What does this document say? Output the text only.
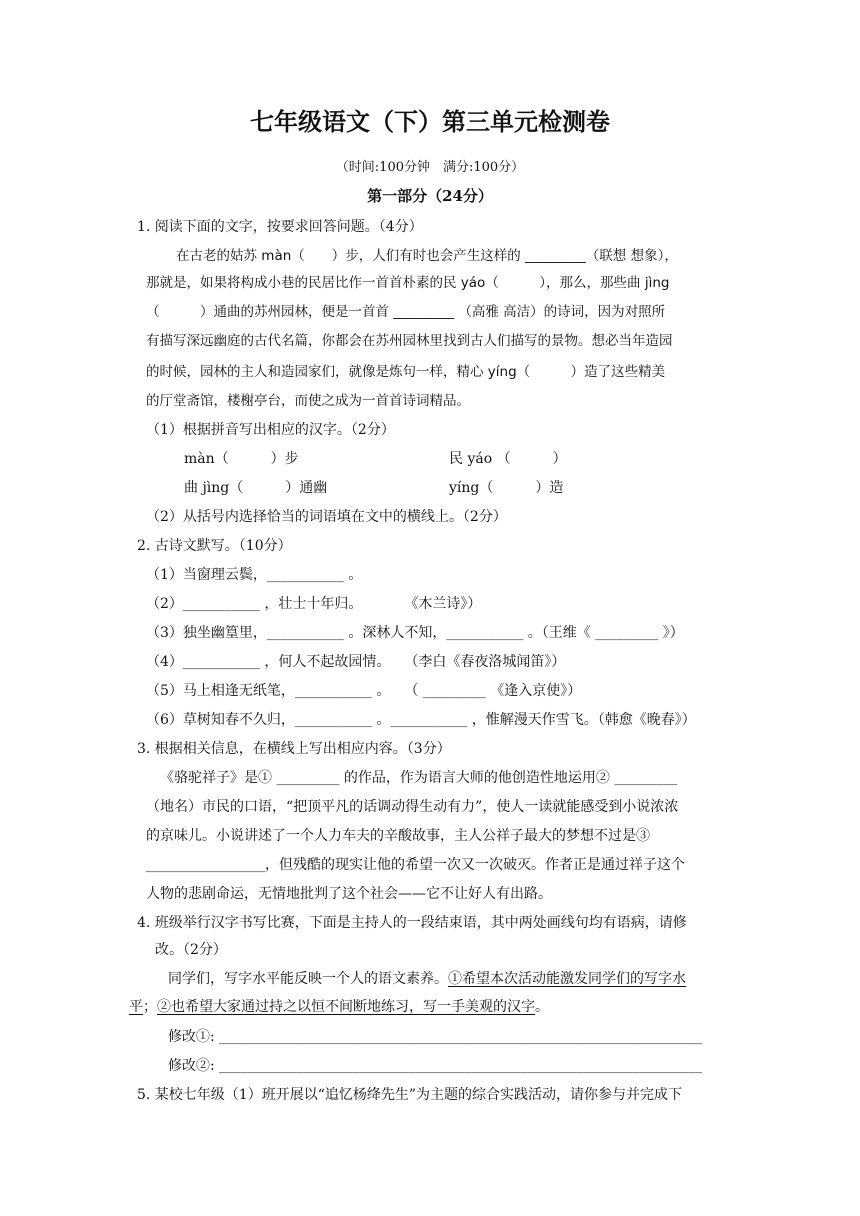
七年级语文（下）第三单元检测卷
（时间:100分钟　满分:100分）
第一部分（24分）
1. 阅读下面的文字，按要求回答问题。（4分）
在古老的姑苏 màn（　　）步，人们有时也会产生这样的 _________（联想 想象），
那就是，如果将构成小巷的民居比作一首首朴素的民 yáo（　　　），那么，那些曲 jìng
（　　　）通曲的苏州园林，便是一首首 _________ （高雅 高洁）的诗词，因为对照所
有描写深远幽庭的古代名篇，你都会在苏州园林里找到古人们描写的景物。想必当年造园
的时候，园林的主人和造园家们，就像是炼句一样，精心 yíng（　　　）造了这些精美
的厅堂斋馆，楼榭亭台，而使之成为一首首诗词精品。
（1）根据拼音写出相应的汉字。（2分）
màn（　　　）步	民 yáo （　　　）
曲 jìng（　　　）通幽	yíng（　　　）造
（2）从括号内选择恰当的词语填在文中的横线上。（2分）
2. 古诗文默写。（10分）
（1）当窗理云鬓，___________ 。
（2）___________ ，壮士十年归。　　　　《木兰诗》）
（3）独坐幽篁里，___________ 。深林人不知，___________ 。（王维《 _________ 》）
（4）___________ ，何人不起故园情。　　（李白《春夜洛城闻笛》）
（5）马上相逢无纸笔，___________ 。　　（ _________ 《逢入京使》）
（6）草树知春不久归，___________ 。___________ ，惟解漫天作雪飞。（韩愈《晚春》）
3. 根据相关信息，在横线上写出相应内容。（3分）
《骆驼祥子》是① _________ 的作品，作为语言大师的他创造性地运用② _________
（地名）市民的口语，“把顶平凡的话调动得生动有力”，使人一读就能感受到小说浓浓
的京味儿。小说讲述了一个人力车夫的辛酸故事，主人公祥子最大的梦想不过是③
_________________，但残酷的现实让他的希望一次又一次破灭。作者正是通过祥子这个
人物的悲剧命运，无情地批判了这个社会——它不让好人有出路。
4. 班级举行汉字书写比赛，下面是主持人的一段结束语，其中两处画线句均有语病，请修
改。（2分）
同学们，写字水平能反映一个人的语文素养。①希望本次活动能激发同学们的写字水
平；②也希望大家通过持之以恒不间断地练习，写一手美观的汉字。
修改①: _____________________________________________________________________
修改②: _____________________________________________________________________
5. 某校七年级（1）班开展以“追忆杨绛先生”为主题的综合实践活动，请你参与并完成下
